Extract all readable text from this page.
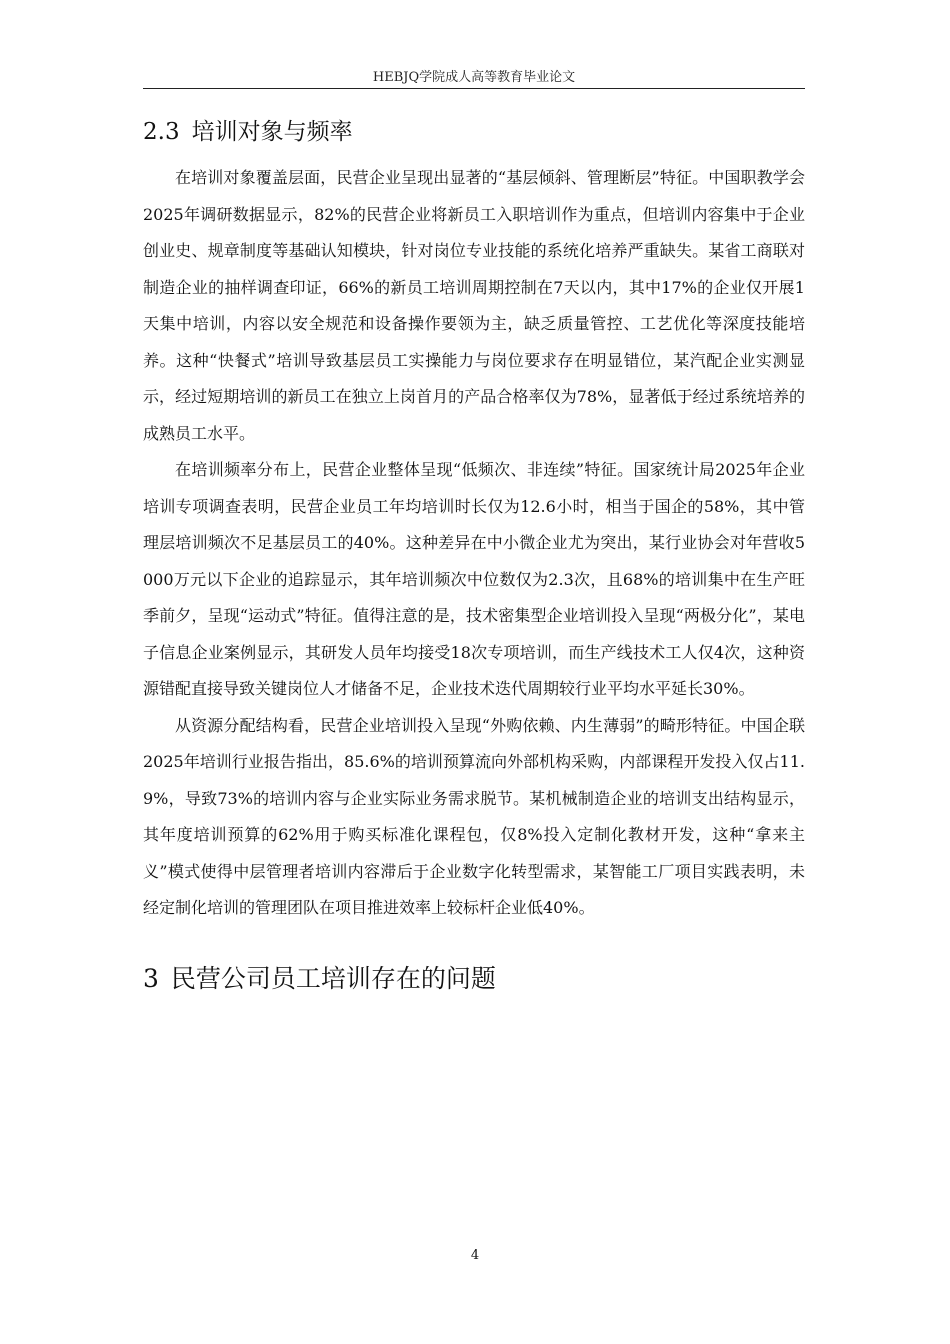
HEBJQ学院成人高等教育毕业论文
2.3 培训对象与频率

在培训对象覆盖层面，民营企业呈现出显著的“基层倾斜、管理断层”特征。中国职教学会2025年调研数据显示，82%的民营企业将新员工入职培训作为重点，但培训内容集中于企业创业史、规章制度等基础认知模块，针对岗位专业技能的系统化培养严重缺失。某省工商联对制造企业的抽样调查印证，66%的新员工培训周期控制在7天以内，其中17%的企业仅开展1天集中培训，内容以安全规范和设备操作要领为主，缺乏质量管控、工艺优化等深度技能培养。这种“快餐式”培训导致基层员工实操能力与岗位要求存在明显错位，某汽配企业实测显示，经过短期培训的新员工在独立上岗首月的产品合格率仅为78%，显著低于经过系统培养的成熟员工水平。

在培训频率分布上，民营企业整体呈现“低频次、非连续”特征。国家统计局2025年企业培训专项调查表明，民营企业员工年均培训时长仅为12.6小时，相当于国企的58%，其中管理层培训频次不足基层员工的40%。这种差异在中小微企业尤为突出，某行业协会对年营收5000万元以下企业的追踪显示，其年培训频次中位数仅为2.3次，且68%的培训集中在生产旺季前夕，呈现“运动式”特征。值得注意的是，技术密集型企业培训投入呈现“两极分化”，某电子信息企业案例显示，其研发人员年均接受18次专项培训，而生产线技术工人仅4次，这种资源错配直接导致关键岗位人才储备不足，企业技术迭代周期较行业平均水平延长30%。

从资源分配结构看，民营企业培训投入呈现“外购依赖、内生薄弱”的畸形特征。中国企联2025年培训行业报告指出，85.6%的培训预算流向外部机构采购，内部课程开发投入仅占11.9%，导致73%的培训内容与企业实际业务需求脱节。某机械制造企业的培训支出结构显示，其年度培训预算的62%用于购买标准化课程包，仅8%投入定制化教材开发，这种“拿来主义”模式使得中层管理者培训内容滞后于企业数字化转型需求，某智能工厂项目实践表明，未经定制化培训的管理团队在项目推进效率上较标杆企业低40%。

3 民营公司员工培训存在的问题
4
